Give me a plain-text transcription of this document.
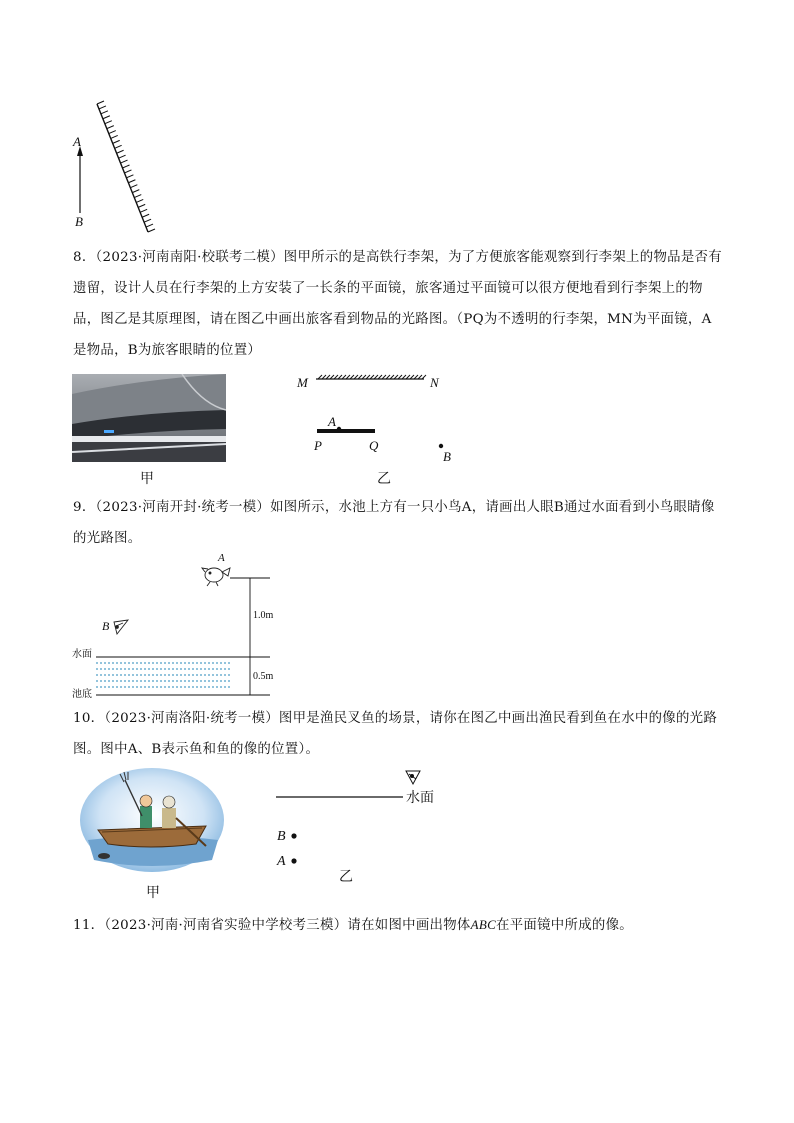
A
B
8．（2023·河南南阳·校联考二模）图甲所示的是高铁行李架，为了方便旅客能观察到行李架上的物品是否有遗留，设计人员在行李架的上方安装了一长条的平面镜，旅客通过平面镜可以很方便地看到行李架上的物品，图乙是其原理图，请在图乙中画出旅客看到物品的光路图。（PQ为不透明的行李架，MN为平面镜，A是物品，B为旅客眼睛的位置）
甲
M	N
A
P	Q
B
乙
9．（2023·河南开封·统考一模）如图所示，水池上方有一只小鸟A，请画出人眼B通过水面看到小鸟眼睛像的光路图。
A
B
水面
池底
1.0m
0.5m
10．（2023·河南洛阳·统考一模）图甲是渔民叉鱼的场景，请你在图乙中画出渔民看到鱼在水中的像的光路图。图中A、B表示鱼和鱼的像的位置）。
甲
水面
B
A
乙
11．（2023·河南·河南省实验中学校考三模）请在如图中画出物体ABC在平面镜中所成的像。
